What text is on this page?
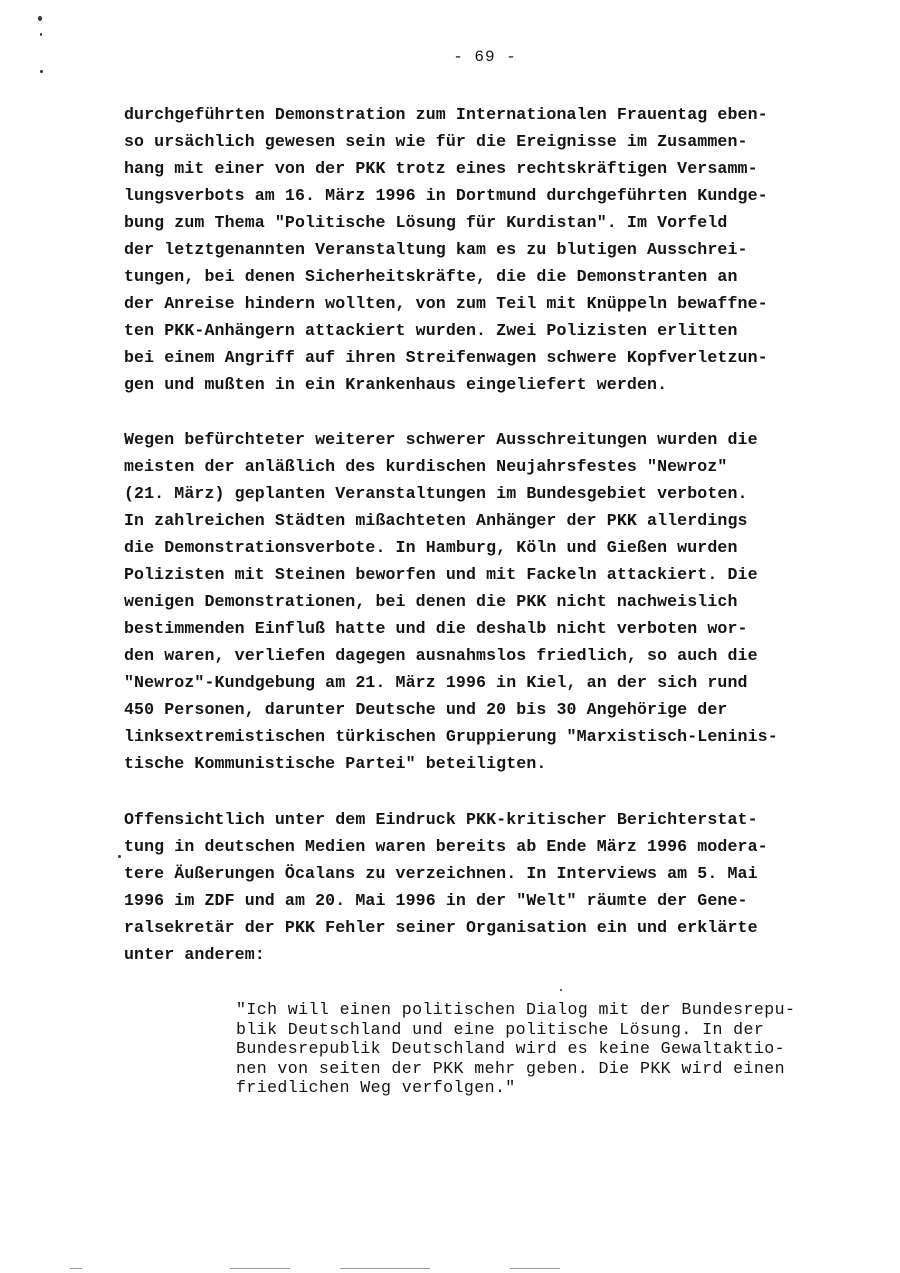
- 69 -

durchgeführten Demonstration zum Internationalen Frauentag eben-
so ursächlich gewesen sein wie für die Ereignisse im Zusammen-
hang mit einer von der PKK trotz eines rechtskräftigen Versamm-
lungsverbots am 16. März 1996 in Dortmund durchgeführten Kundge-
bung zum Thema "Politische Lösung für Kurdistan". Im Vorfeld
der letztgenannten Veranstaltung kam es zu blutigen Ausschrei-
tungen, bei denen Sicherheitskräfte, die die Demonstranten an
der Anreise hindern wollten, von zum Teil mit Knüppeln bewaffne-
ten PKK-Anhängern attackiert wurden. Zwei Polizisten erlitten
bei einem Angriff auf ihren Streifenwagen schwere Kopfverletzun-
gen und mußten in ein Krankenhaus eingeliefert werden.

Wegen befürchteter weiterer schwerer Ausschreitungen wurden die
meisten der anläßlich des kurdischen Neujahrsfestes "Newroz"
(21. März) geplanten Veranstaltungen im Bundesgebiet verboten.
In zahlreichen Städten mißachteten Anhänger der PKK allerdings
die Demonstrationsverbote. In Hamburg, Köln und Gießen wurden
Polizisten mit Steinen beworfen und mit Fackeln attackiert. Die
wenigen Demonstrationen, bei denen die PKK nicht nachweislich
bestimmenden Einfluß hatte und die deshalb nicht verboten wor-
den waren, verliefen dagegen ausnahmslos friedlich, so auch die
"Newroz"-Kundgebung am 21. März 1996 in Kiel, an der sich rund
450 Personen, darunter Deutsche und 20 bis 30 Angehörige der
linksextremistischen türkischen Gruppierung "Marxistisch-Leninis-
tische Kommunistische Partei" beteiligten.

Offensichtlich unter dem Eindruck PKK-kritischer Berichterstat-
tung in deutschen Medien waren bereits ab Ende März 1996 modera-
tere Äußerungen Öcalans zu verzeichnen. In Interviews am 5. Mai
1996 im ZDF und am 20. Mai 1996 in der "Welt" räumte der Gene-
ralsekretär der PKK Fehler seiner Organisation ein und erklärte
unter anderem:

"Ich will einen politischen Dialog mit der Bundesrepu-
blik Deutschland und eine politische Lösung. In der
Bundesrepublik Deutschland wird es keine Gewaltaktio-
nen von seiten der PKK mehr geben. Die PKK wird einen
friedlichen Weg verfolgen."
